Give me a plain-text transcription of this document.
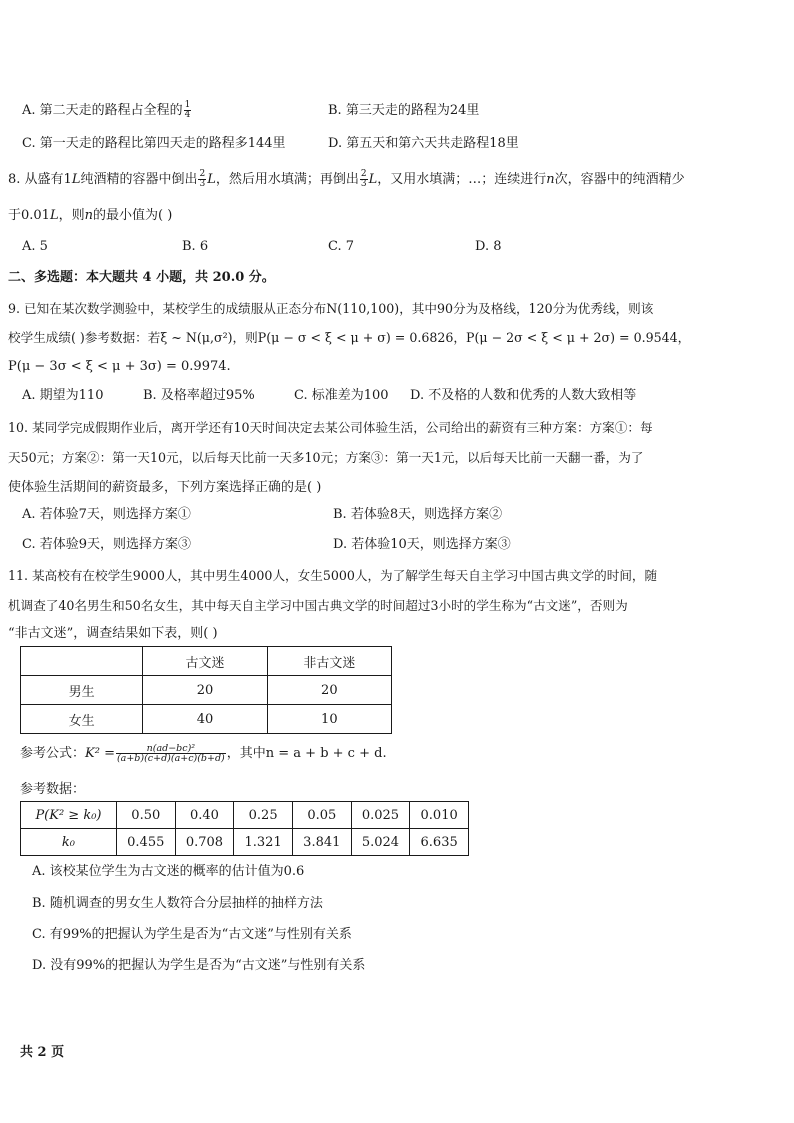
A. 第二天走的路程占全程的 $\frac{1}{4}$	B. 第三天走的路程为24里
C. 第一天走的路程比第四天走的路程多144里	D. 第五天和第六天共走路程18里
8. 从盛有1L纯酒精的容器中倒出 $\frac{2}{3}$ L，然后用水填满；再倒出 $\frac{2}{3}$ L，又用水填满；…；连续进行n次，容器中的纯酒精少
于0.01L，则n的最小值为( )
A. 5	B. 6	C. 7	D. 8
二、多选题：本大题共 4 小题，共 20.0 分。
9. 已知在某次数学测验中，某校学生的成绩服从正态分布N(110,100)，其中90分为及格线，120分为优秀线，则该
校学生成绩( )参考数据：若ξ ~ N(μ,σ²)，则P(μ − σ < ξ < μ + σ) = 0.6826，P(μ − 2σ < ξ < μ + 2σ) = 0.9544，
P(μ − 3σ < ξ < μ + 3σ) = 0.9974.
A. 期望为110	B. 及格率超过95%	C. 标准差为100 D. 不及格的人数和优秀的人数大致相等
10. 某同学完成假期作业后，离开学还有10天时间决定去某公司体验生活，公司给出的薪资有三种方案：方案①：每
天50元；方案②：第一天10元，以后每天比前一天多10元；方案③：第一天1元，以后每天比前一天翻一番，为了
使体验生活期间的薪资最多，下列方案选择正确的是( )
A. 若体验7天，则选择方案①	B. 若体验8天，则选择方案②
C. 若体验9天，则选择方案③	D. 若体验10天，则选择方案③
11. 某高校有在校学生9000人，其中男生4000人，女生5000人，为了解学生每天自主学习中国古典文学的时间，随
机调查了40名男生和50名女生，其中每天自主学习中国古典文学的时间超过3小时的学生称为“古文迷”，否则为
“非古文迷”，调查结果如下表，则( )
	古文迷	非古文迷
男生	20	20
女生	40	10
参考公式：$K^2 = \frac{\text{n(ad−bc)²}}{(a+b)(c+d)(a+c)(b+d)}$ ，其中n = a + b + c + d.
参考数据：
P(K² ≥ k₀)	0.50	0.40	0.25	0.05	0.025	0.010
k₀	0.455	0.708	1.321	3.841	5.024	6.635
A. 该校某位学生为古文迷的概率的估计值为0.6
B. 随机调查的男女生人数符合分层抽样的抽样方法
C. 有99%的把握认为学生是否为“古文迷”与性别有关系
D. 没有99%的把握认为学生是否为“古文迷”与性别有关系
共 2 页
